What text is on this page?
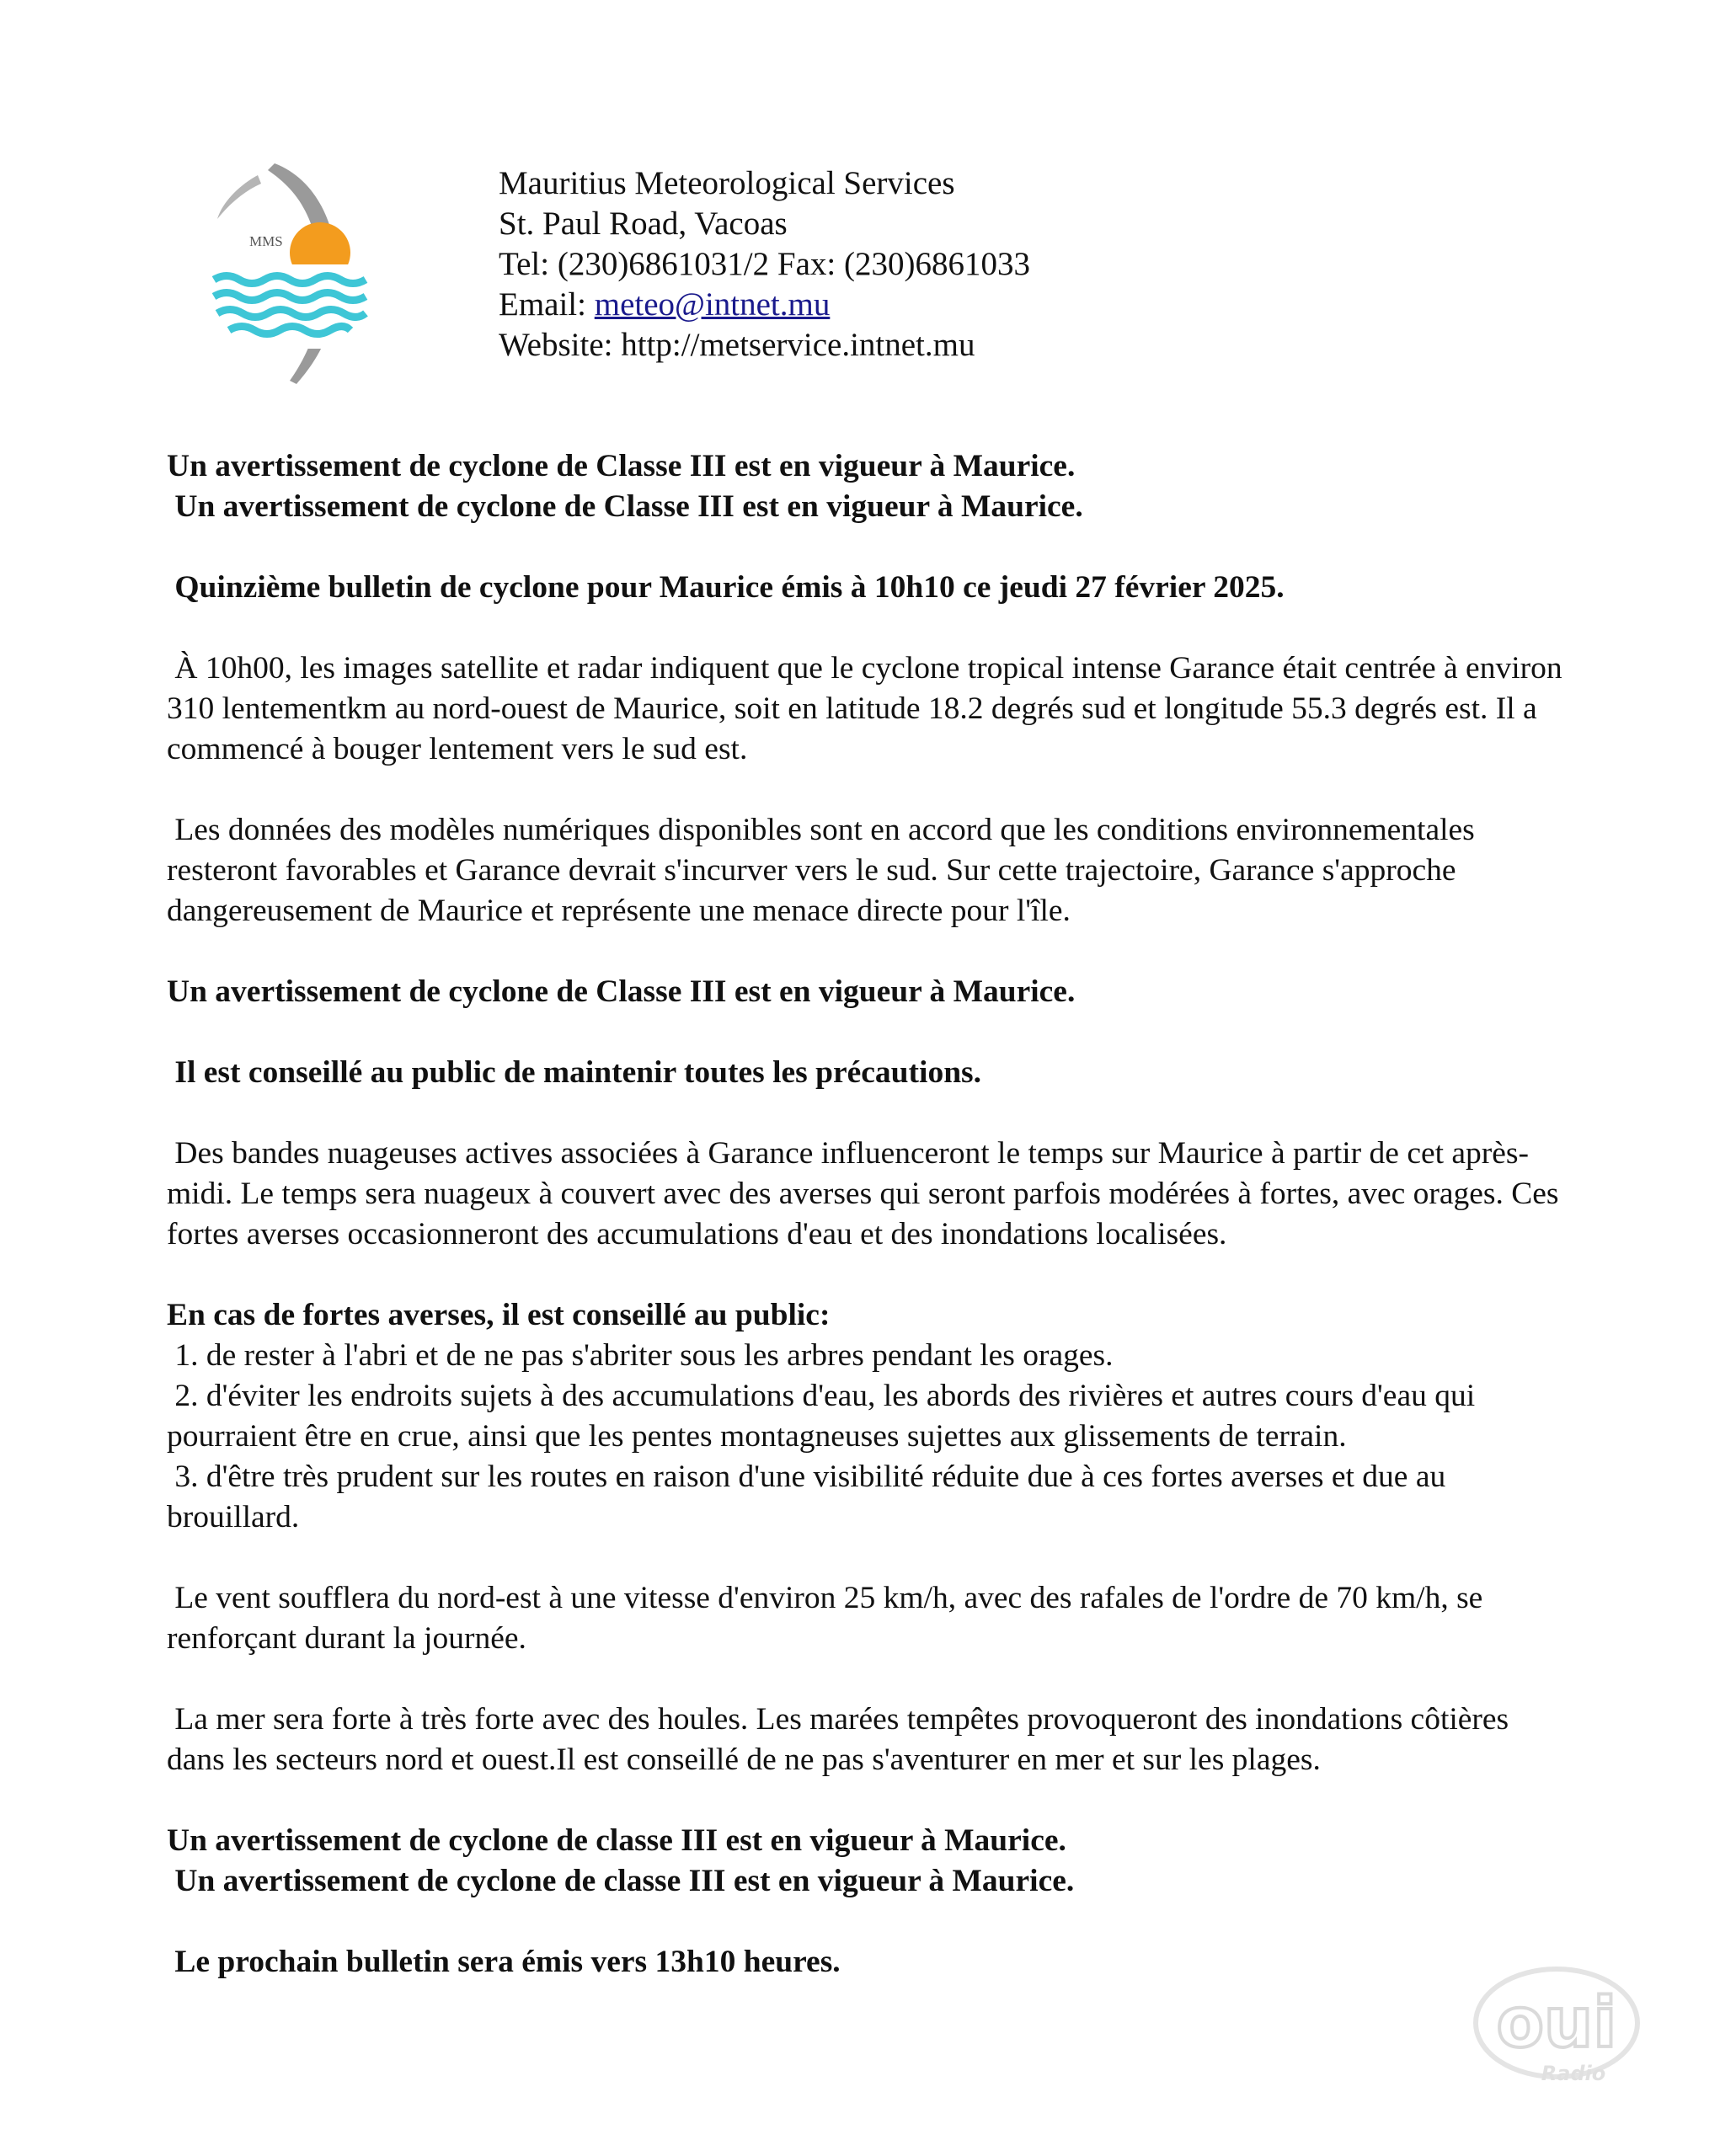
MMS
Mauritius Meteorological Services
St. Paul Road, Vacoas
Tel: (230)6861031/2 Fax: (230)6861033
Email: meteo@intnet.mu
Website: http://metservice.intnet.mu

Un avertissement de cyclone de Classe III est en vigueur à Maurice.

Un avertissement de cyclone de Classe III est en vigueur à Maurice.

Quinzième bulletin de cyclone pour Maurice émis à 10h10 ce jeudi 27 février 2025.

À 10h00, les images satellite et radar indiquent que le cyclone tropical intense Garance était centrée à environ 310 lentementkm au nord-ouest de Maurice, soit en latitude 18.2 degrés sud et longitude 55.3 degrés est. Il a commencé à bouger lentement vers le sud est.

Les données des modèles numériques disponibles sont en accord que les conditions environnementales resteront favorables et Garance devrait s'incurver vers le sud. Sur cette trajectoire, Garance s'approche dangereusement de Maurice et représente une menace directe pour l'île.

Un avertissement de cyclone de Classe III est en vigueur à Maurice.

Il est conseillé au public de maintenir toutes les précautions.

Des bandes nuageuses actives associées à Garance influenceront le temps sur Maurice à partir de cet après-midi. Le temps sera nuageux à couvert avec des averses qui seront parfois modérées à fortes, avec orages. Ces fortes averses occasionneront des accumulations d'eau et des inondations localisées.

En cas de fortes averses, il est conseillé au public:

1. de rester à l'abri et de ne pas s'abriter sous les arbres pendant les orages.

2. d'éviter les endroits sujets à des accumulations d'eau, les abords des rivières et autres cours d'eau qui pourraient être en crue, ainsi que les pentes montagneuses sujettes aux glissements de terrain.

3. d'être très prudent sur les routes en raison d'une visibilité réduite due à ces fortes averses et due au brouillard.

Le vent soufflera du nord-est à une vitesse d'environ 25 km/h, avec des rafales de l'ordre de 70 km/h, se renforçant durant la journée.

La mer sera forte à très forte avec des houles. Les marées tempêtes provoqueront des inondations côtières dans les secteurs nord et ouest.Il est conseillé de ne pas s'aventurer en mer et sur les plages.

Un avertissement de cyclone de classe III est en vigueur à Maurice.

Un avertissement de cyclone de classe III est en vigueur à Maurice.

Le prochain bulletin sera émis vers 13h10 heures.

oui
Radio
